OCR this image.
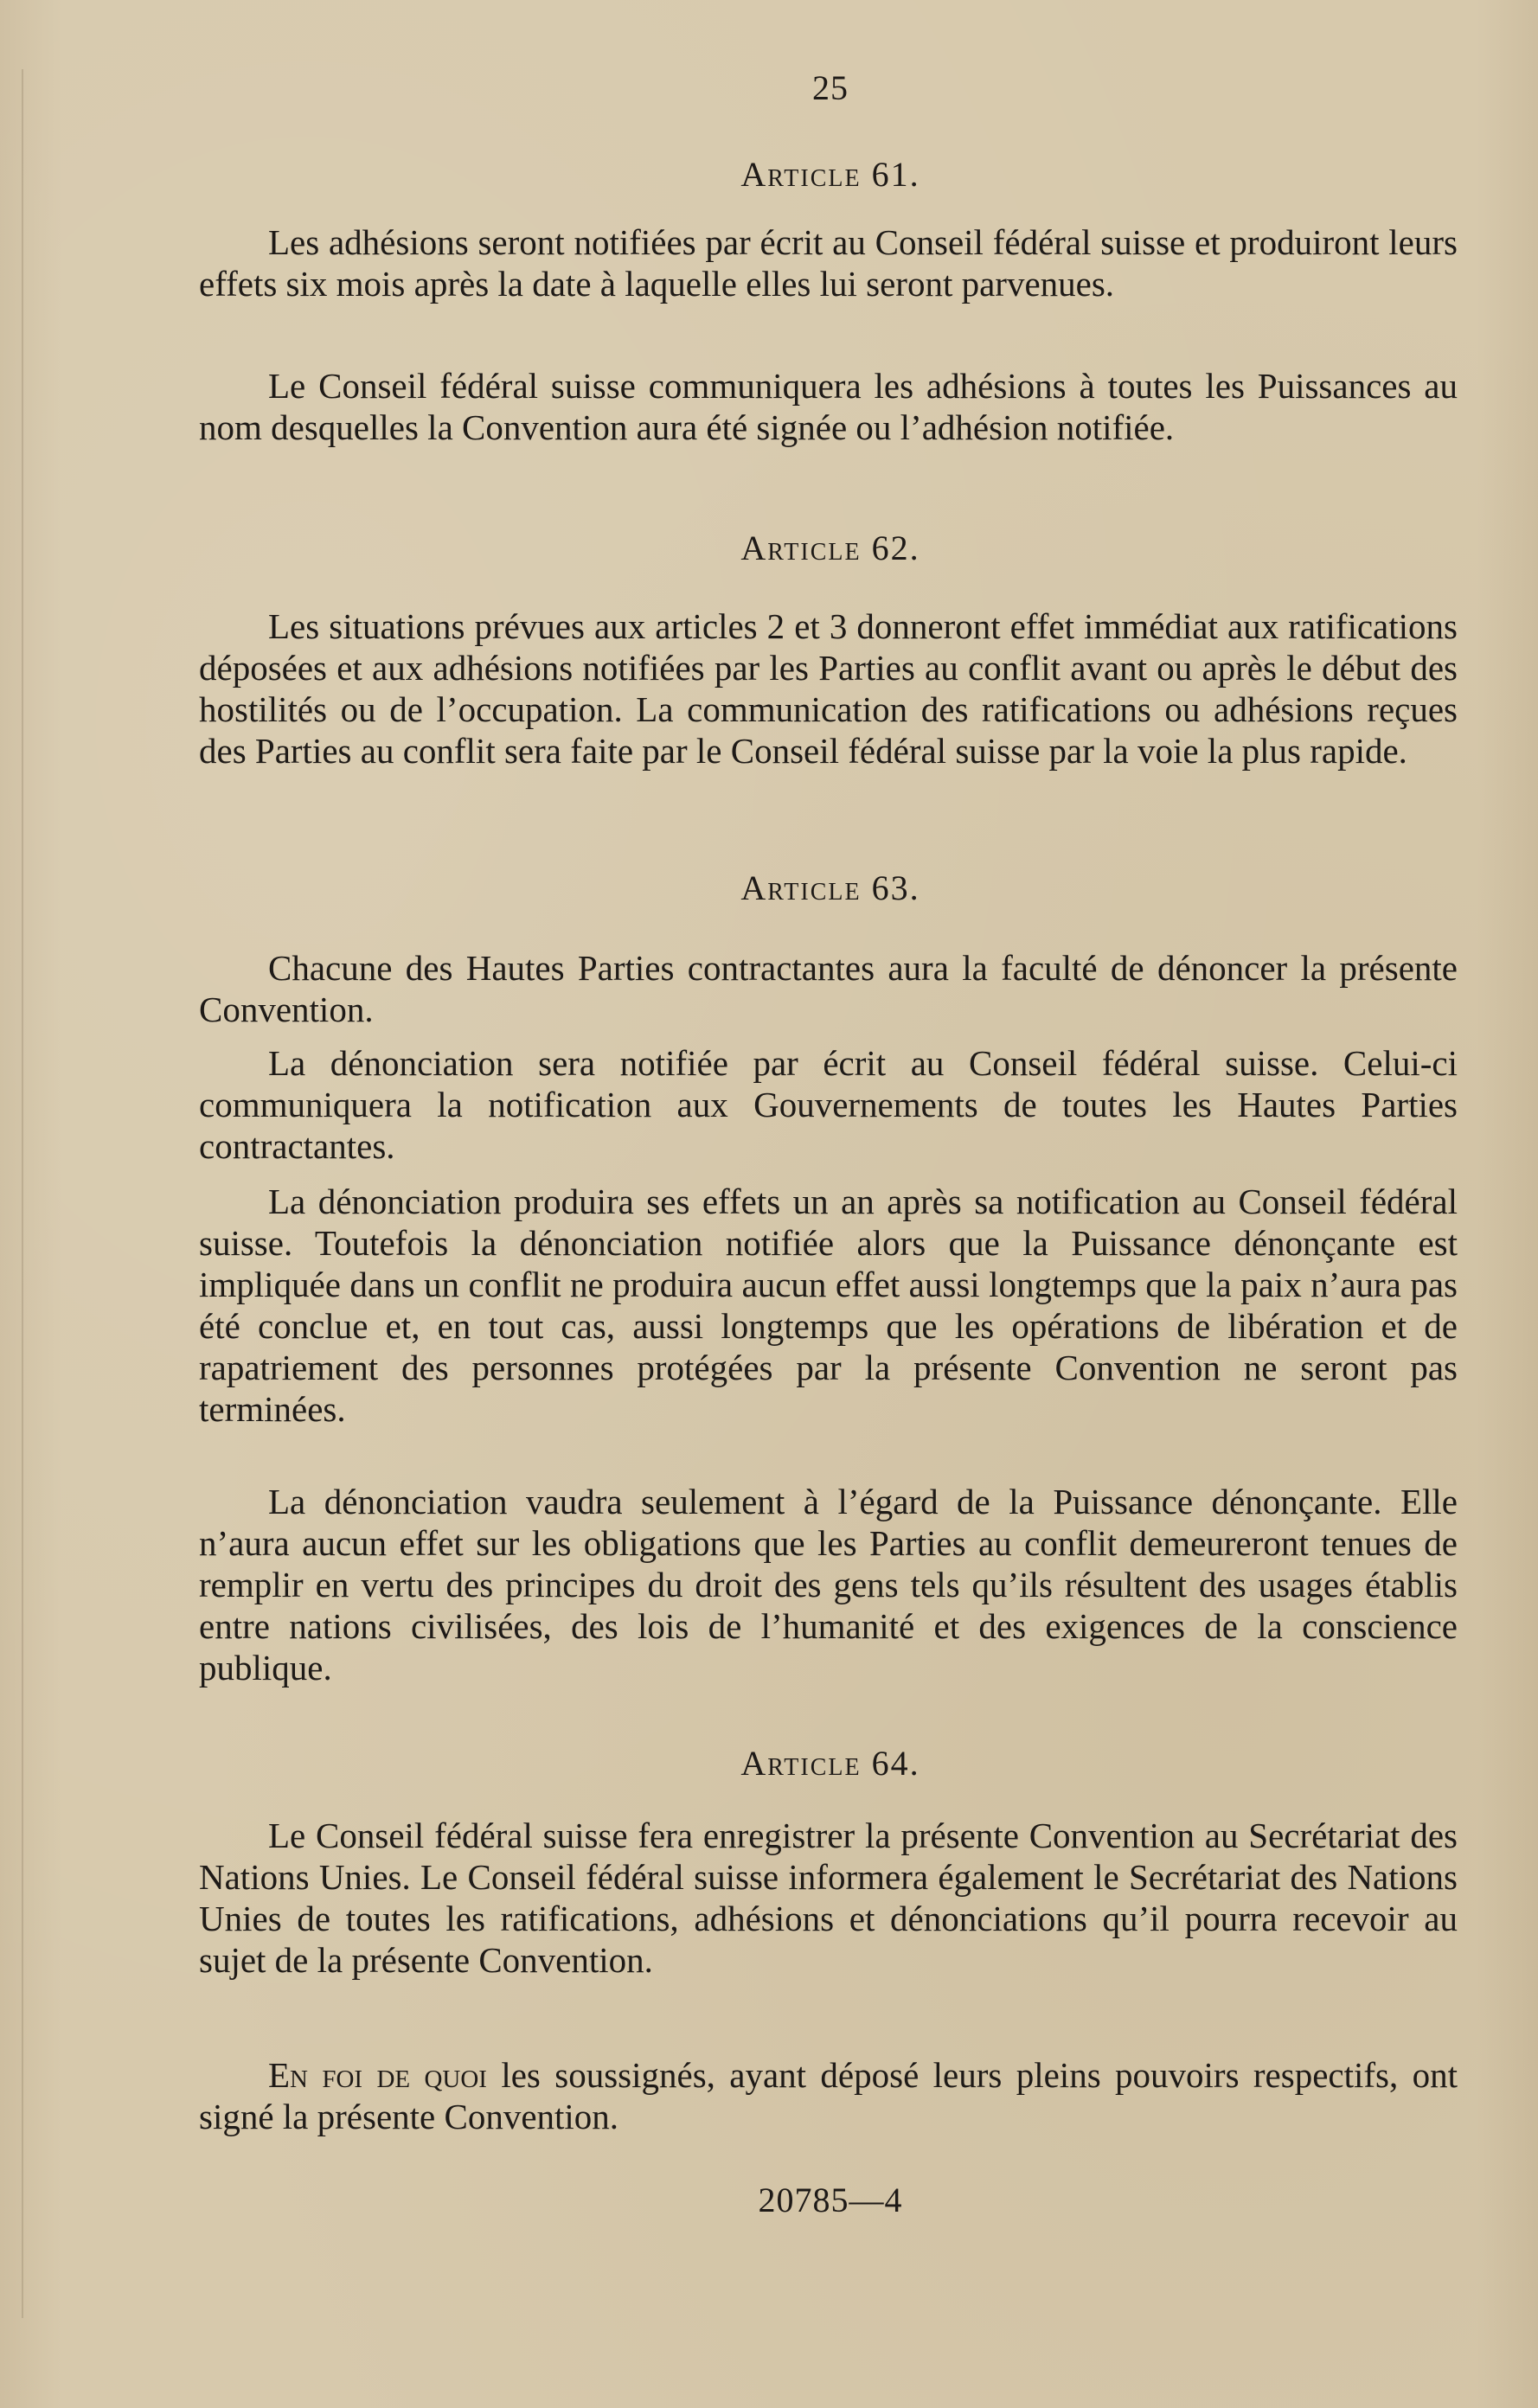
25
Article 61.

Les adhésions seront notifiées par écrit au Conseil fédéral suisse et produiront leurs effets six mois après la date à laquelle elles lui seront parvenues.

Le Conseil fédéral suisse communiquera les adhésions à toutes les Puissances au nom desquelles la Convention aura été signée ou l’adhésion notifiée.

Article 62.

Les situations prévues aux articles 2 et 3 donneront effet immédiat aux ratifications déposées et aux adhésions notifiées par les Parties au conflit avant ou après le début des hostilités ou de l’occupation. La communication des ratifications ou adhésions reçues des Parties au conflit sera faite par le Conseil fédéral suisse par la voie la plus rapide.

Article 63.

Chacune des Hautes Parties contractantes aura la faculté de dénoncer la présente Convention.

La dénonciation sera notifiée par écrit au Conseil fédéral suisse. Celui-ci communiquera la notification aux Gouvernements de toutes les Hautes Parties contractantes.

La dénonciation produira ses effets un an après sa notification au Conseil fédéral suisse. Toutefois la dénonciation notifiée alors que la Puissance dénonçante est impliquée dans un conflit ne produira aucun effet aussi longtemps que la paix n’aura pas été conclue et, en tout cas, aussi longtemps que les opérations de libération et de rapatriement des personnes protégées par la présente Convention ne seront pas terminées.

La dénonciation vaudra seulement à l’égard de la Puissance dénonçante. Elle n’aura aucun effet sur les obligations que les Parties au conflit demeureront tenues de remplir en vertu des principes du droit des gens tels qu’ils résultent des usages établis entre nations civilisées, des lois de l’humanité et des exigences de la conscience publique.

Article 64.

Le Conseil fédéral suisse fera enregistrer la présente Convention au Secrétariat des Nations Unies. Le Conseil fédéral suisse informera également le Secrétariat des Nations Unies de toutes les ratifications, adhésions et dénonciations qu’il pourra recevoir au sujet de la présente Convention.

En foi de quoi les soussignés, ayant déposé leurs pleins pouvoirs respectifs, ont signé la présente Convention.

20785—4
